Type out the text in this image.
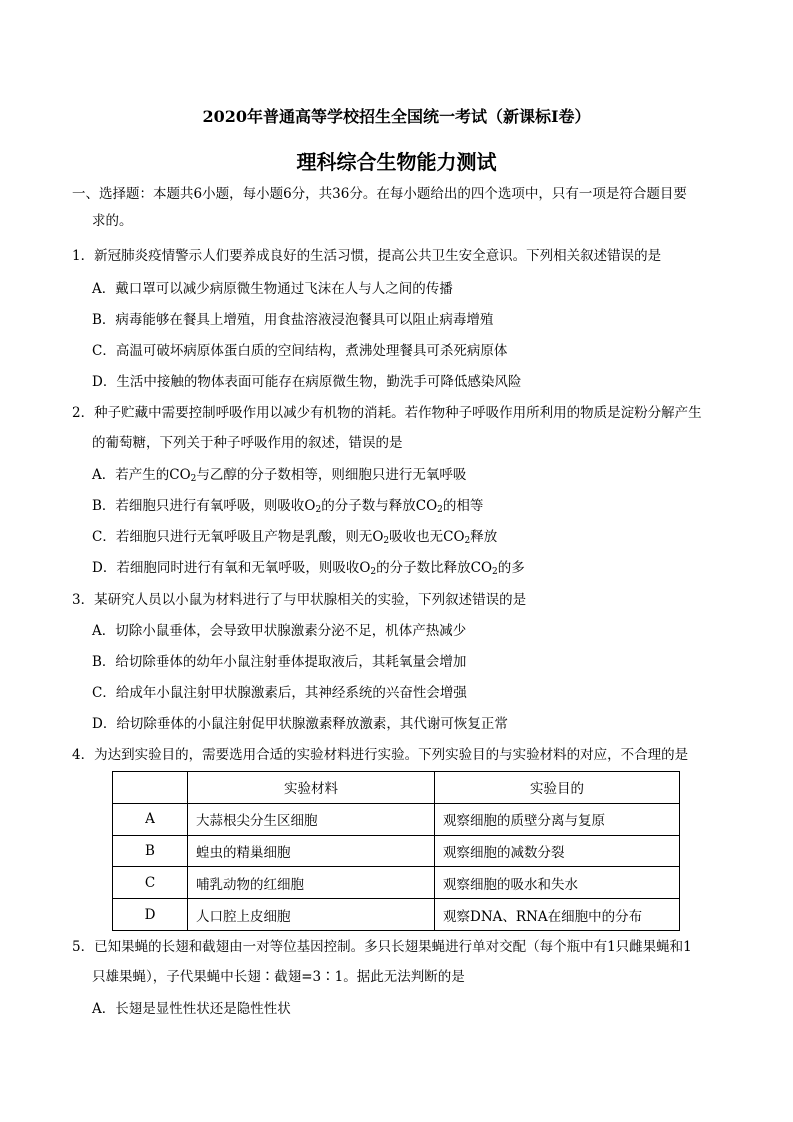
2020年普通高等学校招生全国统一考试（新课标Ⅰ卷）
理科综合生物能力测试
一、选择题：本题共6小题，每小题6分，共36分。在每小题给出的四个选项中，只有一项是符合题目要
求的。
1．新冠肺炎疫情警示人们要养成良好的生活习惯，提高公共卫生安全意识。下列相关叙述错误的是
A．戴口罩可以减少病原微生物通过飞沫在人与人之间的传播
B．病毒能够在餐具上增殖，用食盐溶液浸泡餐具可以阻止病毒增殖
C．高温可破坏病原体蛋白质的空间结构，煮沸处理餐具可杀死病原体
D．生活中接触的物体表面可能存在病原微生物，勤洗手可降低感染风险
2．种子贮藏中需要控制呼吸作用以减少有机物的消耗。若作物种子呼吸作用所利用的物质是淀粉分解产生
的葡萄糖，下列关于种子呼吸作用的叙述，错误的是
A．若产生的$CO_2$与乙醇的分子数相等，则细胞只进行无氧呼吸
B．若细胞只进行有氧呼吸，则吸收$O_2$的分子数与释放$CO_2$的相等
C．若细胞只进行无氧呼吸且产物是乳酸，则无$O_2$吸收也无$CO_2$释放
D．若细胞同时进行有氧和无氧呼吸，则吸收$O_2$的分子数比释放$CO_2$的多
3．某研究人员以小鼠为材料进行了与甲状腺相关的实验，下列叙述错误的是
A．切除小鼠垂体，会导致甲状腺激素分泌不足，机体产热减少
B．给切除垂体的幼年小鼠注射垂体提取液后，其耗氧量会增加
C．给成年小鼠注射甲状腺激素后，其神经系统的兴奋性会增强
D．给切除垂体的小鼠注射促甲状腺激素释放激素，其代谢可恢复正常
4．为达到实验目的，需要选用合适的实验材料进行实验。下列实验目的与实验材料的对应，不合理的是
	实验材料	实验目的
A	大蒜根尖分生区细胞	观察细胞的质壁分离与复原
B	蝗虫的精巢细胞	观察细胞的减数分裂
C	哺乳动物的红细胞	观察细胞的吸水和失水
D	人口腔上皮细胞	观察DNA、RNA在细胞中的分布
5．已知果蝇的长翅和截翅由一对等位基因控制。多只长翅果蝇进行单对交配（每个瓶中有1只雌果蝇和1
只雄果蝇），子代果蝇中长翅∶截翅=3∶1。据此无法判断的是
A．长翅是显性性状还是隐性性状
